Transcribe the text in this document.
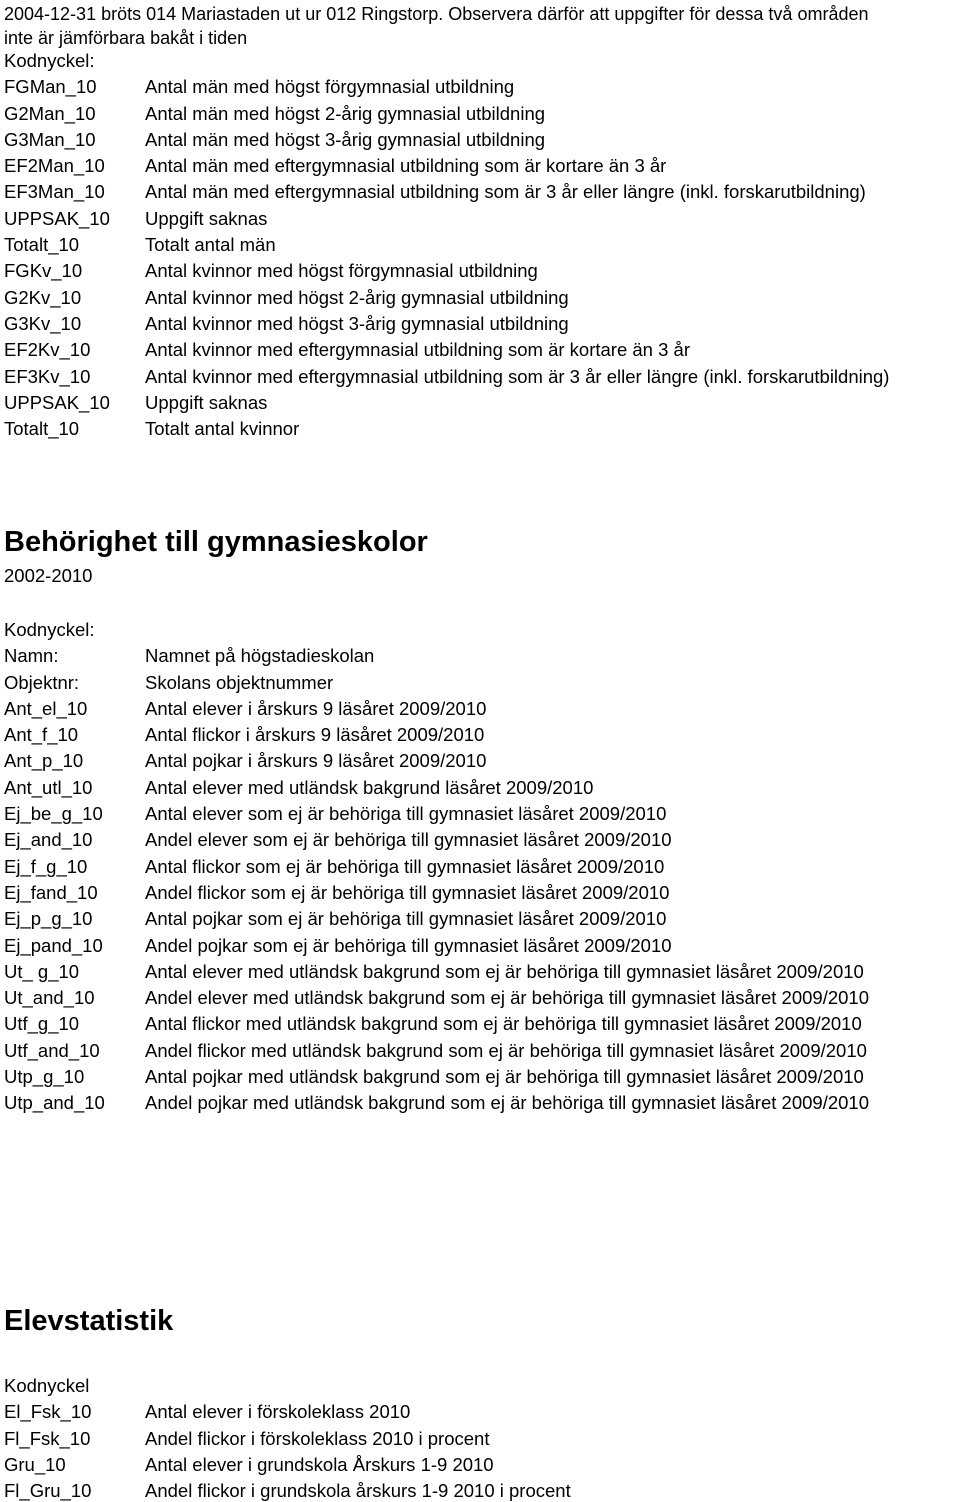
2004-12-31 bröts 014 Mariastaden ut ur 012 Ringstorp. Observera därför att uppgifter för dessa två områden
inte är jämförbara bakåt i tiden
Kodnyckel:
FGMan_10	Antal män med högst förgymnasial utbildning
G2Man_10	Antal män med högst 2-årig gymnasial utbildning
G3Man_10	Antal män med högst 3-årig gymnasial utbildning
EF2Man_10 Antal män med eftergymnasial utbildning som är kortare än 3 år
EF3Man_10 Antal män med eftergymnasial utbildning som är 3 år eller längre (inkl. forskarutbildning)
UPPSAK_10 Uppgift saknas
Totalt_10	Totalt antal män
FGKv_10	Antal kvinnor med högst förgymnasial utbildning
G2Kv_10	Antal kvinnor med högst 2-årig gymnasial utbildning
G3Kv_10	Antal kvinnor med högst 3-årig gymnasial utbildning
EF2Kv_10	Antal kvinnor med eftergymnasial utbildning som är kortare än 3 år
EF3Kv_10	Antal kvinnor med eftergymnasial utbildning som är 3 år eller längre (inkl. forskarutbildning)
UPPSAK_10 Uppgift saknas
Totalt_10	Totalt antal kvinnor
Behörighet till gymnasieskolor
2002-2010
Kodnyckel:
Namn:	Namnet på högstadieskolan
Objektnr:	Skolans objektnummer
Ant_el_10	Antal elever i årskurs 9 läsåret 2009/2010
Ant_f_10	Antal flickor i årskurs 9 läsåret 2009/2010
Ant_p_10	Antal pojkar i årskurs 9 läsåret 2009/2010
Ant_utl_10	Antal elever med utländsk bakgrund läsåret 2009/2010
Ej_be_g_10 Antal elever som ej är behöriga till gymnasiet läsåret 2009/2010
Ej_and_10	Andel elever som ej är behöriga till gymnasiet läsåret 2009/2010
Ej_f_g_10	Antal flickor som ej är behöriga till gymnasiet läsåret 2009/2010
Ej_fand_10	Andel flickor som ej är behöriga till gymnasiet läsåret 2009/2010
Ej_p_g_10	Antal pojkar som ej är behöriga till gymnasiet läsåret 2009/2010
Ej_pand_10 Andel pojkar som ej är behöriga till gymnasiet läsåret 2009/2010
Ut_ g_10	Antal elever med utländsk bakgrund som ej är behöriga till gymnasiet läsåret 2009/2010
Ut_and_10	Andel elever med utländsk bakgrund som ej är behöriga till gymnasiet läsåret 2009/2010
Utf_g_10	Antal flickor med utländsk bakgrund som ej är behöriga till gymnasiet läsåret 2009/2010
Utf_and_10 Andel flickor med utländsk bakgrund som ej är behöriga till gymnasiet läsåret 2009/2010
Utp_g_10	Antal pojkar med utländsk bakgrund som ej är behöriga till gymnasiet läsåret 2009/2010
Utp_and_10 Andel pojkar med utländsk bakgrund som ej är behöriga till gymnasiet läsåret 2009/2010
Elevstatistik
Kodnyckel
El_Fsk_10	Antal elever i förskoleklass 2010
Fl_Fsk_10	Andel flickor i förskoleklass 2010 i procent
Gru_10	Antal elever i grundskola Årskurs 1-9 2010
Fl_Gru_10	Andel flickor i grundskola årskurs 1-9 2010 i procent
